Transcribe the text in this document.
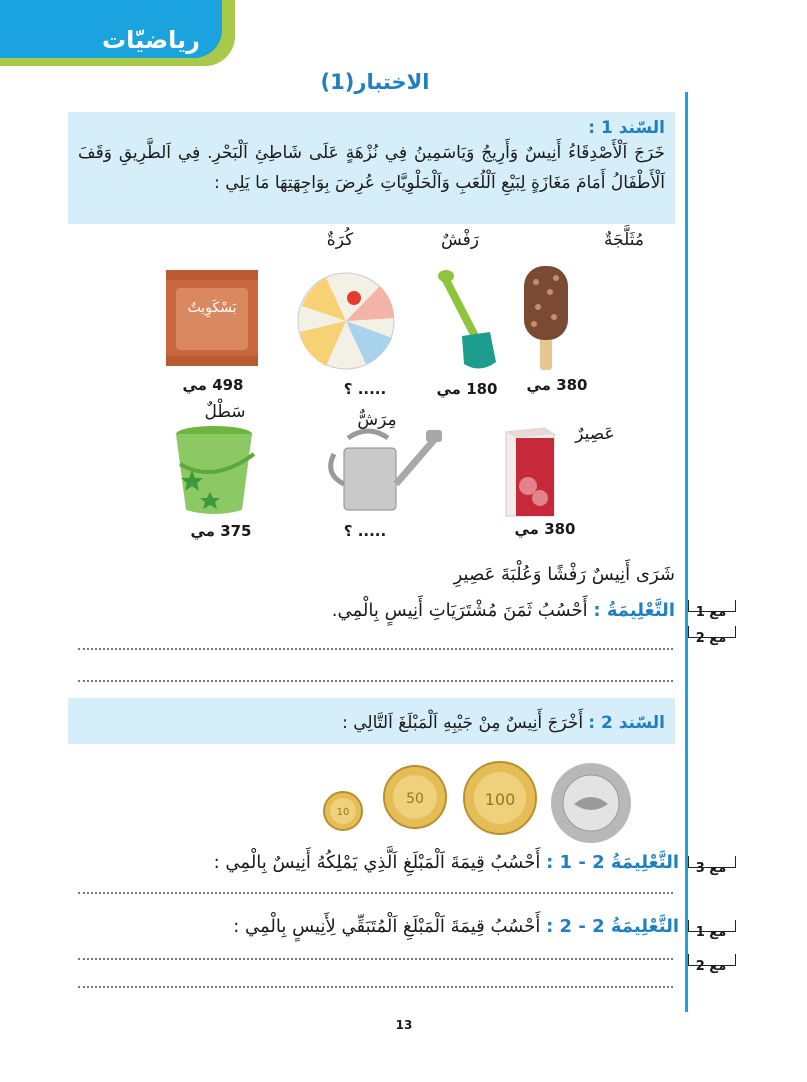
رياضيّات
الاختبار(1)
السّند 1 :
خَرَجَ اَلْأَصْدِقَاءُ أَنِيسٌ وَأَرِيجُ وَيَاسَمِينُ فِي نُزْهَةٍ عَلَى شَاطِئِ اَلْبَحْرِ. فِي اَلطَّرِيقِ وَقَفَ اَلْأَطْفَالُ أَمَامَ مَغَازَةٍ لِبَيْعِ اَلْلُعَبِ وَاَلْحَلْوِيَّاتِ عُرِضَ بِوَاجِهَتِهَا مَا يَلِي :
مُثَلَّجَةٌ
رَفْشٌ
كُرَةٌ
بَسْكَوِيتٌ
380 مي
180 مي
..... ؟
498 مي
عَصِيرٌ
مِرَشٌّ
سَطْلٌ
380 مي
..... ؟
375 مي
شَرَى أَنِيسٌ رَفْشًا وَعُلْبَةَ عَصِيرِ
التَّعْلِيمَةُ : أَحْسُبُ ثَمَنَ مُشْتَرَيَاتِ أَنِيسٍ بِالْمِي.	مع 1
مع 2
السّند 2 : أَخْرَجَ أَنِيسٌ مِنْ جَيْبِهِ اَلْمَبْلَغَ اَلتَّالِي :
100
50
10
التَّعْلِيمَةُ 2 - 1 : أَحْسُبُ قِيمَةَ اَلْمَبْلَغِ اَلَّذِي يَمْلِكُهُ أَنِيسٌ بِالْمِي :	مع 3
التَّعْلِيمَةُ 2 - 2 : أَحْسُبُ قِيمَةَ اَلْمَبْلَغِ اَلْمُتَبَقِّي لِأَنِيسٍ بِالْمِي :	مع 1
مع 2
13
